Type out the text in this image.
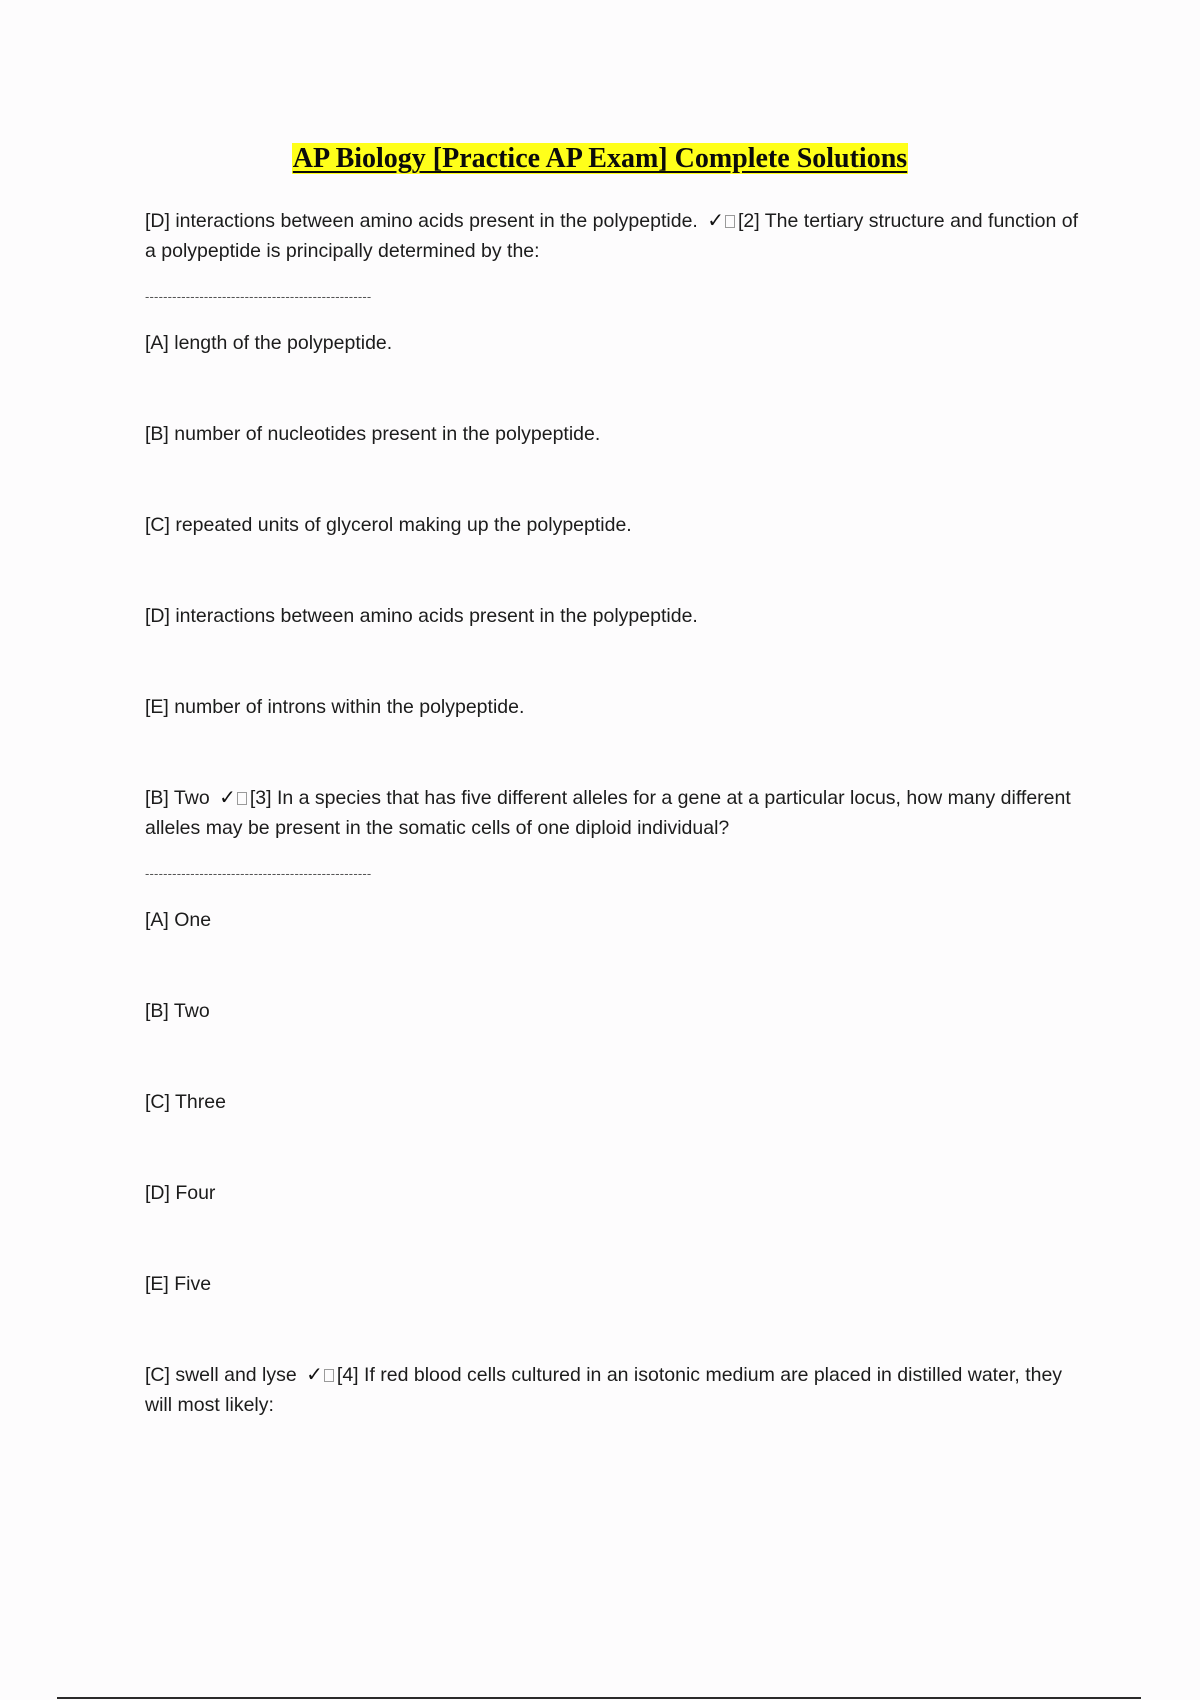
AP Biology [Practice AP Exam] Complete Solutions
[D] interactions between amino acids present in the polypeptide. ✓ [2] The tertiary structure and function of a polypeptide is principally determined by the:
--------------------------------------------------
[A] length of the polypeptide.
[B] number of nucleotides present in the polypeptide.
[C] repeated units of glycerol making up the polypeptide.
[D] interactions between amino acids present in the polypeptide.
[E] number of introns within the polypeptide.
[B] Two ✓ [3] In a species that has five different alleles for a gene at a particular locus, how many different alleles may be present in the somatic cells of one diploid individual?
--------------------------------------------------
[A] One
[B] Two
[C] Three
[D] Four
[E] Five
[C] swell and lyse ✓ [4] If red blood cells cultured in an isotonic medium are placed in distilled water, they will most likely:
